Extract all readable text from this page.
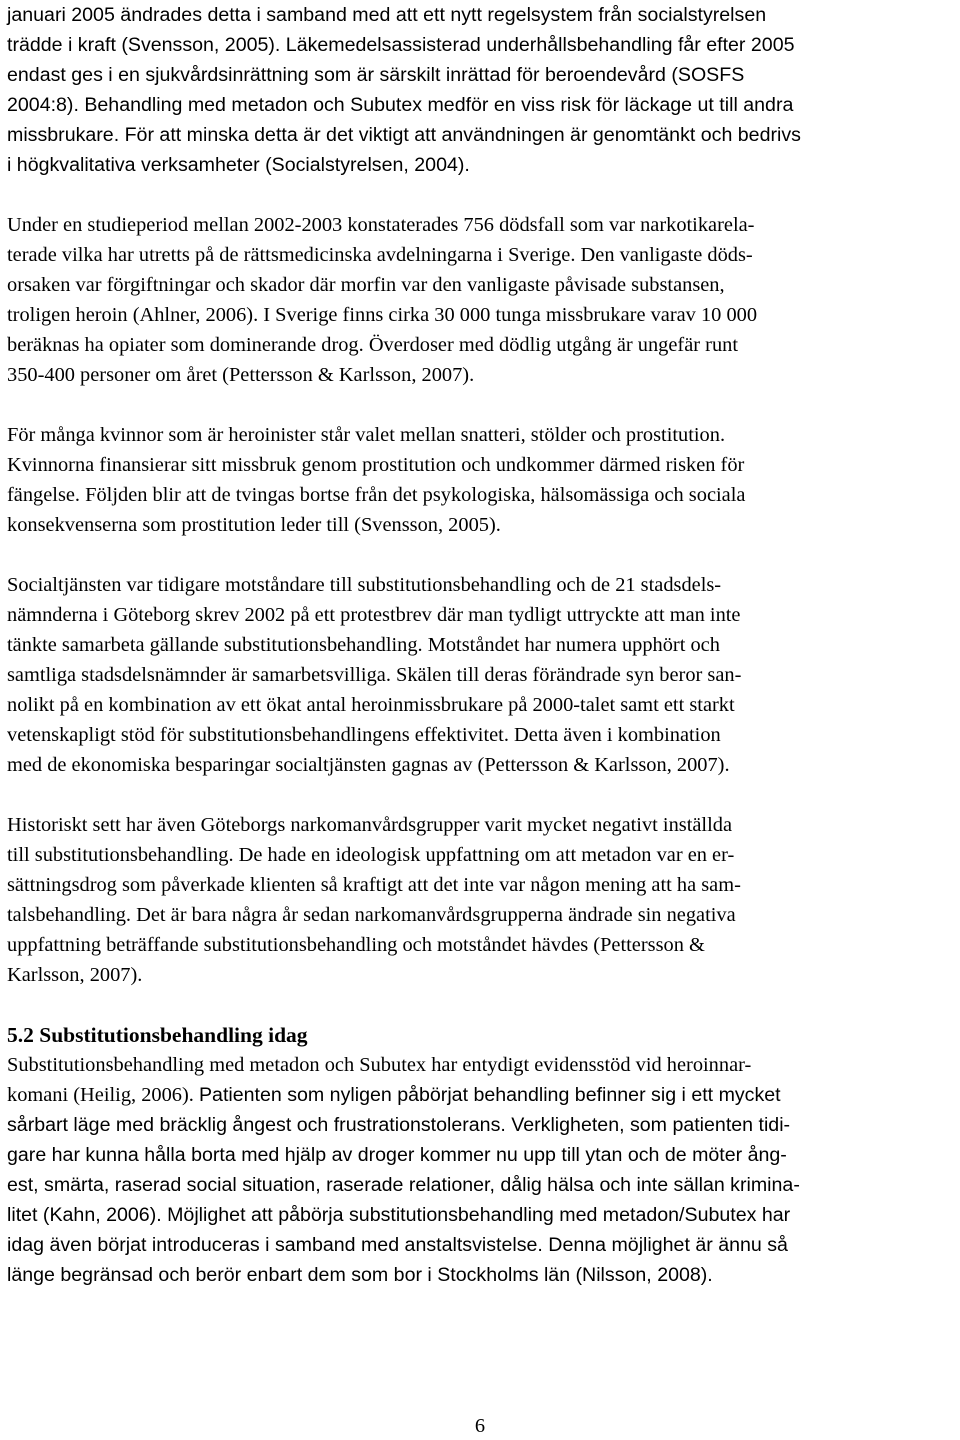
januari 2005 ändrades detta i samband med att ett nytt regelsystem från socialstyrelsen
trädde i kraft (Svensson, 2005). Läkemedelsassisterad underhållsbehandling får efter 2005
endast ges i en sjukvårdsinrättning som är särskilt inrättad för beroendevård (SOSFS
2004:8). Behandling med metadon och Subutex medför en viss risk för läckage ut till andra
missbrukare. För att minska detta är det viktigt att användningen är genomtänkt och bedrivs
i högkvalitativa verksamheter (Socialstyrelsen, 2004).

Under en studieperiod mellan 2002-2003 konstaterades 756 dödsfall som var narkotikarela-
terade vilka har utretts på de rättsmedicinska avdelningarna i Sverige. Den vanligaste döds-
orsaken var förgiftningar och skador där morfin var den vanligaste påvisade substansen,
troligen heroin (Ahlner, 2006). I Sverige finns cirka 30 000 tunga missbrukare varav 10 000
beräknas ha opiater som dominerande drog. Överdoser med dödlig utgång är ungefär runt
350-400 personer om året (Pettersson & Karlsson, 2007).

För många kvinnor som är heroinister står valet mellan snatteri, stölder och prostitution.
Kvinnorna finansierar sitt missbruk genom prostitution och undkommer därmed risken för
fängelse. Följden blir att de tvingas bortse från det psykologiska, hälsomässiga och sociala
konsekvenserna som prostitution leder till (Svensson, 2005).

Socialtjänsten var tidigare motståndare till substitutionsbehandling och de 21 stadsdels-
nämnderna i Göteborg skrev 2002 på ett protestbrev där man tydligt uttryckte att man inte
tänkte samarbeta gällande substitutionsbehandling. Motståndet har numera upphört och
samtliga stadsdelsnämnder är samarbetsvilliga. Skälen till deras förändrade syn beror san-
nolikt på en kombination av ett ökat antal heroinmissbrukare på 2000-talet samt ett starkt
vetenskapligt stöd för substitutionsbehandlingens effektivitet. Detta även i kombination
med de ekonomiska besparingar socialtjänsten gagnas av (Pettersson & Karlsson, 2007).

Historiskt sett har även Göteborgs narkomanvårdsgrupper varit mycket negativt inställda
till substitutionsbehandling. De hade en ideologisk uppfattning om att metadon var en er-
sättningsdrog som påverkade klienten så kraftigt att det inte var någon mening att ha sam-
talsbehandling. Det är bara några år sedan narkomanvårdsgrupperna ändrade sin negativa
uppfattning beträffande substitutionsbehandling och motståndet hävdes (Pettersson &
Karlsson, 2007).

5.2 Substitutionsbehandling idag

Substitutionsbehandling med metadon och Subutex har entydigt evidensstöd vid heroinnar-
komani (Heilig, 2006). Patienten som nyligen påbörjat behandling befinner sig i ett mycket
sårbart läge med bräcklig ångest och frustrationstolerans. Verkligheten, som patienten tidi-
gare har kunna hålla borta med hjälp av droger kommer nu upp till ytan och de möter ång-
est, smärta, raserad social situation, raserade relationer, dålig hälsa och inte sällan krimina-
litet (Kahn, 2006). Möjlighet att påbörja substitutionsbehandling med metadon/Subutex har
idag även börjat introduceras i samband med anstaltsvistelse. Denna möjlighet är ännu så
länge begränsad och berör enbart dem som bor i Stockholms län (Nilsson, 2008).

6
